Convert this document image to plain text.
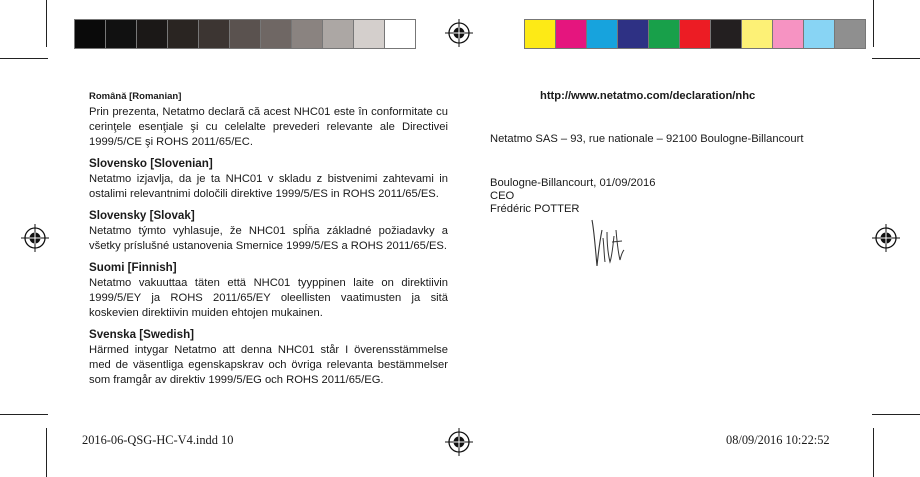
Română [Romanian]

Prin prezenta, Netatmo declară că acest NHC01 este în conformitate cu cerinţele esenţiale şi cu celelalte prevederi relevante ale Directivei 1999/5/CE şi ROHS 2011/65/EC.

Slovensko [Slovenian]

Netatmo izjavlja, da je ta NHC01 v skladu z bistvenimi zahtevami in ostalimi relevantnimi določili direktive 1999/5/ES in ROHS 2011/65/ES.

Slovensky [Slovak]

Netatmo týmto vyhlasuje, že NHC01 spĺňa základné požiadavky a všetky príslušné ustanovenia Smernice 1999/5/ES a ROHS 2011/65/ES.

Suomi [Finnish]

Netatmo vakuuttaa täten että NHC01 tyyppinen laite on direktiivin 1999/5/EY ja ROHS 2011/65/EY oleellisten vaatimusten ja sitä koskevien direktiivin muiden ehtojen mukainen.

Svenska [Swedish]

Härmed intygar Netatmo att denna NHC01 står I överensstämmelse med de väsentliga egenskapskrav och övriga relevanta bestämmelser som framgår av direktiv 1999/5/EG och ROHS 2011/65/EG.

http://www.netatmo.com/declaration/nhc
Netatmo SAS – 93, rue nationale – 92100 Boulogne-Billancourt
Boulogne-Billancourt, 01/09/2016
CEO
Frédéric POTTER
2016-06-QSG-HC-V4.indd 10	08/09/2016 10:22:52
